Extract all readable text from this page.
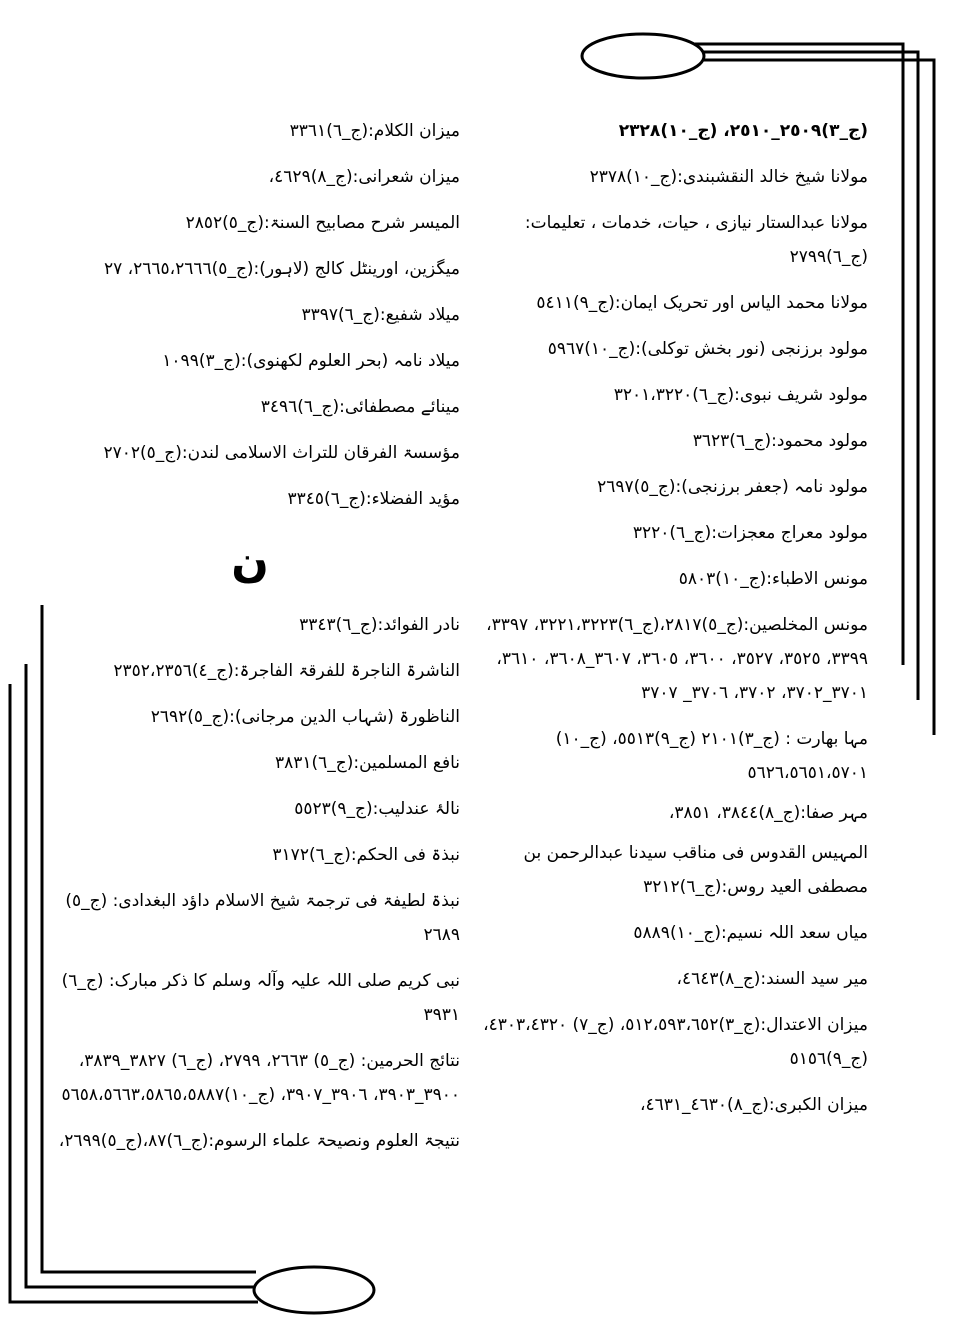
(ج_٣)٢٥٠٩_٢٥١٠، (ج_١٠)٢٣٢٨
مولانا شیخ خالد النقشبندی:(ج_١٠)٢٣٧٨
مولانا عبدالستار نیازی ، حیات، خدمات ، تعلیمات: (ج_٦)٢٧٩٩
مولانا محمد الیاس اور تحریک ایمان:(ج_٩)٥٤١١
مولود برزنجی (نور بخش توکلی):(ج_١٠)٥٩٦٧
مولود شریف نبوی:(ج_٦)٣٢٠١،٣٢٢٠
مولود محمود:(ج_٦)٣٦٢٣
مولود نامہ (جعفر برزنجی):(ج_٥)٢٦٩٧
مولود معراج معجزات:(ج_٦)٣٢٢٠
مونس الاطباء:(ج_١٠)٥٨٠٣
مونس المخلصین:(ج_٥)٢٨١٧،(ج_٦)٣٢٢١،٣٢٢٣، ٣٣٩٧، ٣٣٩٩، ٣٥٢٥، ٣٥٢٧، ٣٦٠٠، ٣٦٠٥، ٣٦٠٧_٣٦٠٨، ٣٦١٠، ٣٧٠١_٣٧٠٢، ٣٧٠٢، ٣٧٠٦_ ٣٧٠٧
مہا بھارت : (ج_٣)٢١٠١ (ج_٩)٥٥١٣، (ج_١٠) ٥٦٢٦،٥٦٥١،٥٧٠١
مہر صفا:(ج_٨)٣٨٤٤، ٣٨٥١،
المہیس القدوس فی مناقب سیدنا عبدالرحمن بن مصطفی العید روس:(ج_٦)٣٢١٢
میاں سعد اللہ نسیم:(ج_١٠)٥٨٨٩
میر سید السند:(ج_٨)٤٦٤٣،
میزان الاعتدال:(ج_٣)٥١٢،٥٩٣،٦٥٢، (ج_٧) ٤٣٠٣،٤٣٢٠، (ج_٩)٥١٥٦
میزان الکبری:(ج_٨)٤٦٣٠_٤٦٣١،
میزان الکلام:(ج_٦)٣٣٦١
میزان شعرانی:(ج_٨)٤٦٢٩،
المیسر شرح مصابیح السنۃ:(ج_٥)٢٨٥٢
میگزین، اورینٹل کالج (لاہور):(ج_٥)٢٦٦٥،٢٦٦٦، ٢٧
میلاد شفیع:(ج_٦)٣٣٩٧
میلاد نامہ (بحر العلوم لکھنوی):(ج_٣)١٠٩٩
مینائے مصطفائی:(ج_٦)٣٤٩٦
مؤسسۃ الفرقان للتراث الاسلامی لندن:(ج_٥)٢٧٠٢
مؤید الفضلاء:(ج_٦)٣٣٤٥
ن
نادر الفوائد:(ج_٦)٣٣٤٣
الناشرۃ الناجرۃ للفرقۃ الفاجرۃ:(ج_٤)٢٣٥٢،٢٣٥٦
الناظورۃ (شہاب الدین مرجانی):(ج_٥)٢٦٩٢
نافع المسلمین:(ج_٦)٣٨٣١
نالۂ عندلیب:(ج_٩)٥٥٢٣
نبذۃ فی الحکم:(ج_٦)٣١٧٢
نبذۃ لطیفۃ فی ترجمۃ شیخ الاسلام داؤد البغدادی: (ج_٥) ٢٦٨٩
نبی کریم صلی اللہ علیہ وآلہ وسلم کا ذکر مبارک: (ج_٦) ٣٩٣١
نتائج الحرمین: (ج_٥) ٢٦٦٣، ٢٧٩٩، (ج_٦) ٣٨٢٧_٣٨٣٩، ٣٩٠٠_٣٩٠٣، ٣٩٠٦_٣٩٠٧، (ج_١٠)٥٦٥٨،٥٦٦٣،٥٨٦٥،٥٨٨٧
نتیجۃ العلوم ونصیحۃ علماء الرسوم:(ج_٦)٨٧،(ج_٥)٢٦٩٩،
